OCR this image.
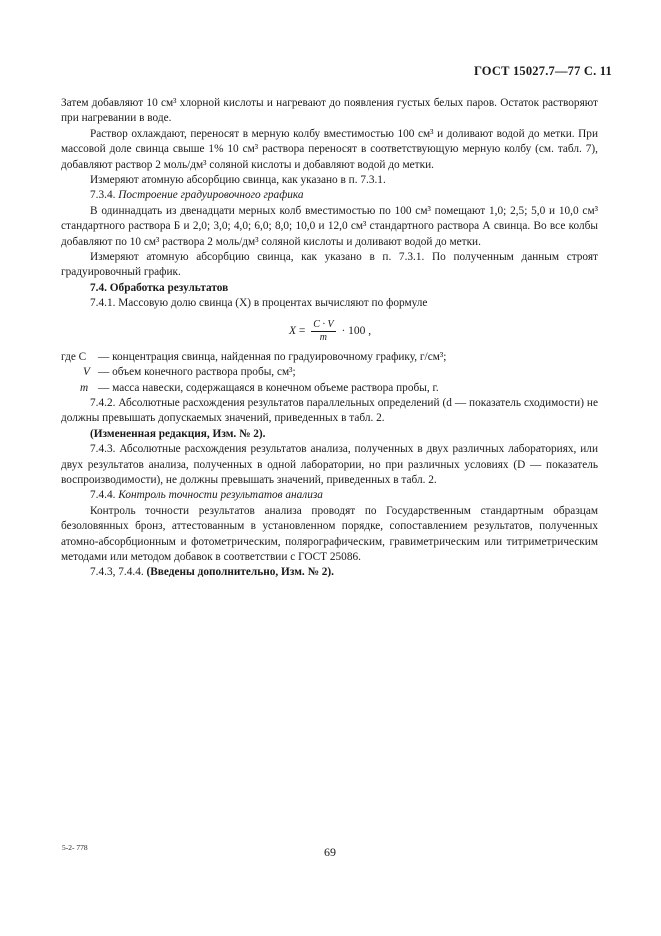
ГОСТ 15027.7—77 С. 11

Затем добавляют 10 см³ хлорной кислоты и нагревают до появления густых белых паров. Остаток растворяют при нагревании в воде.

Раствор охлаждают, переносят в мерную колбу вместимостью 100 см³ и доливают водой до метки. При массовой доле свинца свыше 1% 10 см³ раствора переносят в соответствующую мерную колбу (см. табл. 7), добавляют раствор 2 моль/дм³ соляной кислоты и добавляют водой до метки.

Измеряют атомную абсорбцию свинца, как указано в п. 7.3.1.

7.3.4. Построение градуировочного графика

В одиннадцать из двенадцати мерных колб вместимостью по 100 см³ помещают 1,0; 2,5; 5,0 и 10,0 см³ стандартного раствора Б и 2,0; 3,0; 4,0; 6,0; 8,0; 10,0 и 12,0 см³ стандартного раствора А свинца. Во все колбы добавляют по 10 см³ раствора 2 моль/дм³ соляной кислоты и доливают водой до метки.

Измеряют атомную абсорбцию свинца, как указано в п. 7.3.1. По полученным данным строят градуировочный график.

7.4. Обработка результатов

7.4.1. Массовую долю свинца (X) в процентах вычисляют по формуле

$X = \frac{C \cdot V}{m} \cdot 100$ ,
где C	— концентрация свинца, найденная по градуировочному графику, г/см³;
V — объем конечного раствора пробы, см³;
m — масса навески, содержащаяся в конечном объеме раствора пробы, г.

7.4.2. Абсолютные расхождения результатов параллельных определений (d — показатель сходимости) не должны превышать допускаемых значений, приведенных в табл. 2.

(Измененная редакция, Изм. № 2).

7.4.3. Абсолютные расхождения результатов анализа, полученных в двух различных лабораториях, или двух результатов анализа, полученных в одной лаборатории, но при различных условиях (D — показатель воспроизводимости), не должны превышать значений, приведенных в табл. 2.

7.4.4. Контроль точности результатов анализа

Контроль точности результатов анализа проводят по Государственным стандартным образцам безоловянных бронз, аттестованным в установленном порядке, сопоставлением результатов, полученных атомно-абсорбционным и фотометрическим, полярографическим, гравиметрическим или титриметрическим методами или методом добавок в соответствии с ГОСТ 25086.

7.4.3, 7.4.4. (Введены дополнительно, Изм. № 2).

5-2- 778	69
